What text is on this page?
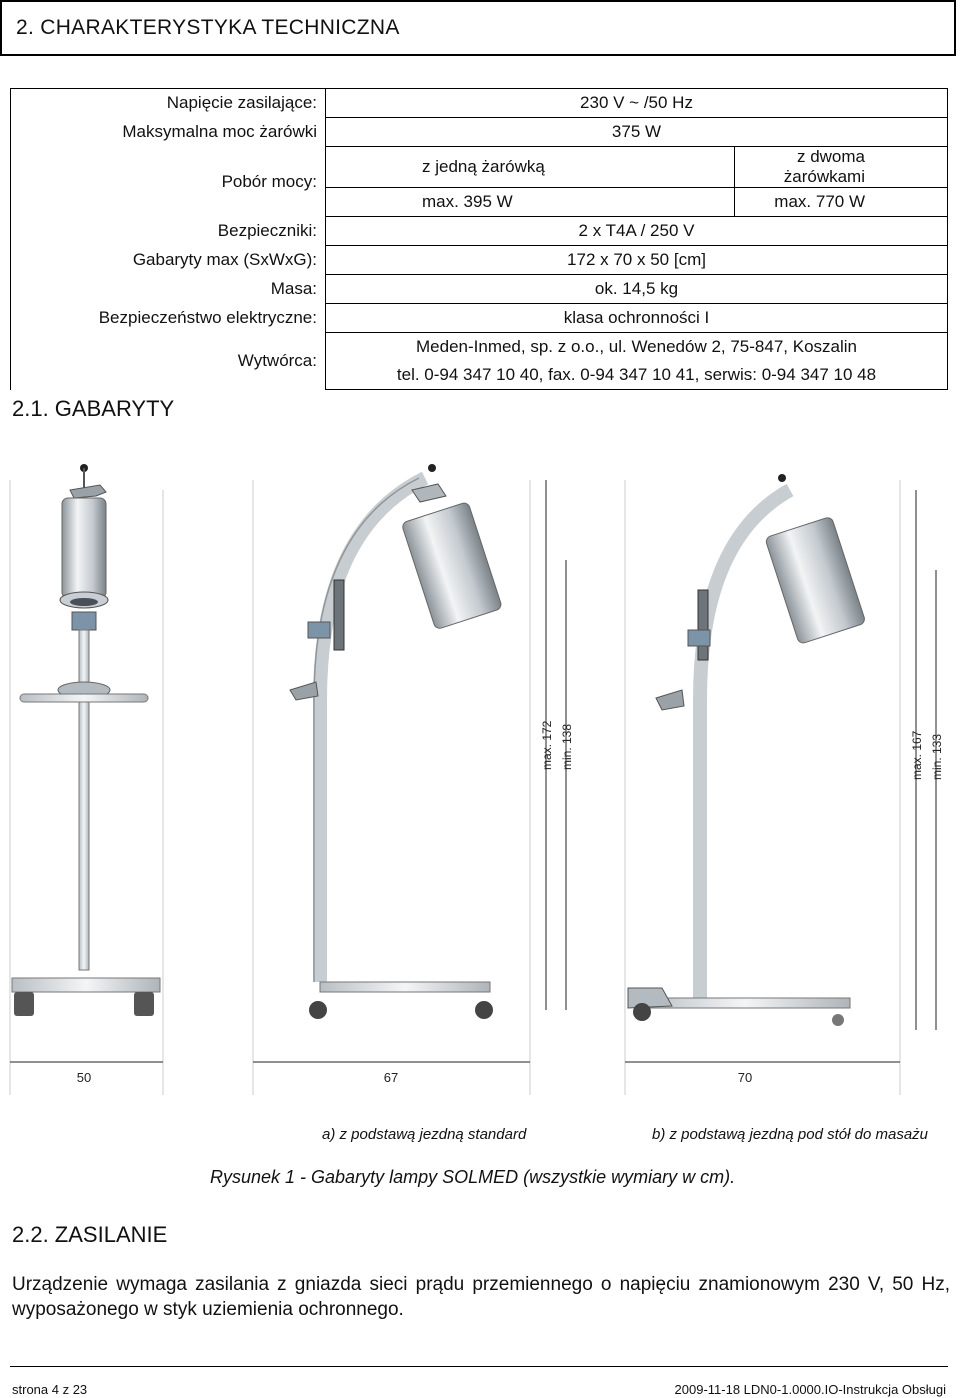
2. CHARAKTERYSTYKA TECHNICZNA
Napięcie zasilające:	230 V ~ /50 Hz	
Maksymalna moc żarówki	375 W	
Pobór mocy:	z jedną żarówką	z dwoma żarówkami
	max. 395 W	max. 770 W
Bezpieczniki:	2 x T4A / 250 V	
Gabaryty max (SxWxG):	172 x 70 x 50 [cm]	
Masa:	ok. 14,5 kg	
Bezpieczeństwo elektryczne:	klasa ochronności I	
Wytwórca:	Meden-Inmed, sp. z o.o., ul. Wenedów 2, 75-847, Koszalin	
	tel. 0-94 347 10 40, fax. 0-94 347 10 41, serwis: 0-94 347 10 48	
2.1. GABARYTY
max. 172 min. 138	max. 167 min. 133
50	67	70
a) z podstawą jezdną standard	b) z podstawą jezdną pod stół do masażu
Rysunek 1 - Gabaryty lampy SOLMED (wszystkie wymiary w cm).
2.2. ZASILANIE
Urządzenie wymaga zasilania z gniazda sieci prądu przemiennego o napięciu znamionowym 230 V, 50 Hz, wyposażonego w styk uziemienia ochronnego.
strona 4 z 23	2009-11-18 LDN0-1.0000.IO-Instrukcja Obsługi
